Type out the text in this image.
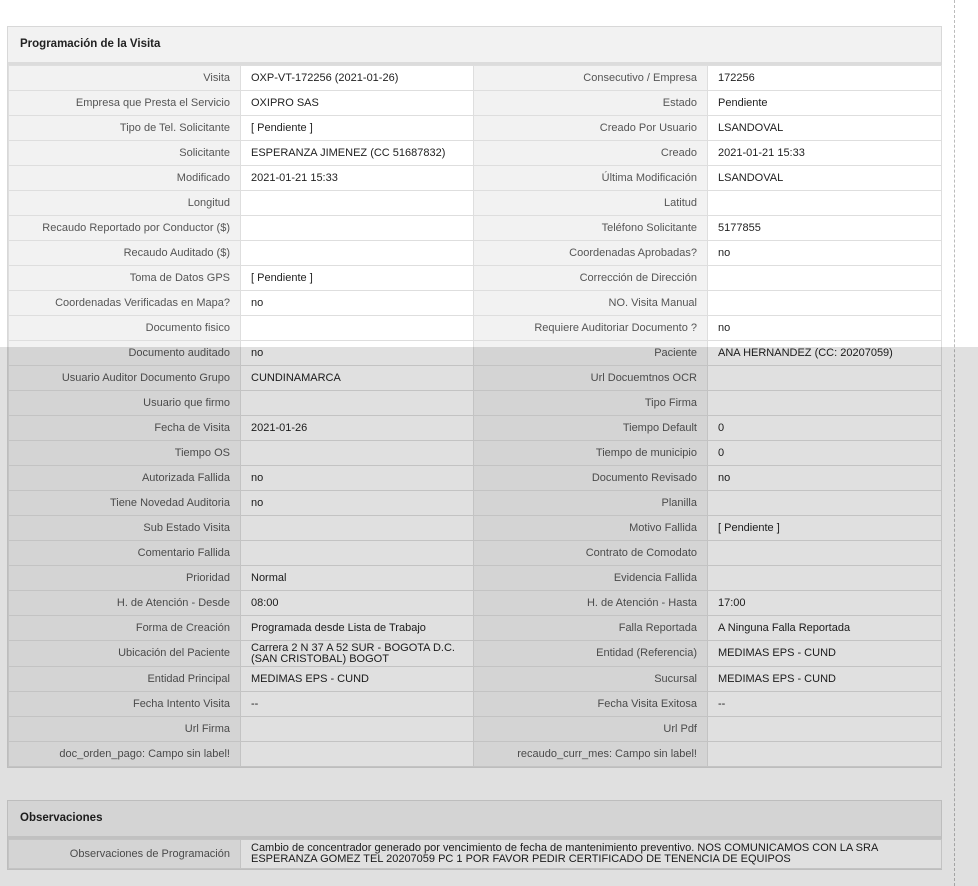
Programación de la Visita
Visita	OXP-VT-172256 (2021-01-26)	Consecutivo / Empresa	172256
Empresa que Presta el Servicio	OXIPRO SAS	Estado	Pendiente
Tipo de Tel. Solicitante	[ Pendiente ]	Creado Por Usuario	LSANDOVAL
Solicitante	ESPERANZA JIMENEZ (CC 51687832)	Creado	2021-01-21 15:33
Modificado	2021-01-21 15:33	Última Modificación	LSANDOVAL
Longitud		Latitud	
Recaudo Reportado por Conductor ($)		Teléfono Solicitante	5177855
Recaudo Auditado ($)		Coordenadas Aprobadas?	no
Toma de Datos GPS	[ Pendiente ]	Corrección de Dirección	
Coordenadas Verificadas en Mapa?	no	NO. Visita Manual	
Documento fisico		Requiere Auditoriar Documento ?	no
Documento auditado	no	Paciente	ANA HERNANDEZ (CC: 20207059)
Usuario Auditor Documento Grupo	CUNDINAMARCA	Url Docuemtnos OCR	
Usuario que firmo		Tipo Firma	
Fecha de Visita	2021-01-26	Tiempo Default	0
Tiempo OS		Tiempo de municipio	0
Autorizada Fallida	no	Documento Revisado	no
Tiene Novedad Auditoria	no	Planilla	
Sub Estado Visita		Motivo Fallida	[ Pendiente ]
Comentario Fallida		Contrato de Comodato	
Prioridad	Normal	Evidencia Fallida	
H. de Atención - Desde	08:00	H. de Atención - Hasta	17:00
Forma de Creación	Programada desde Lista de Trabajo	Falla Reportada	A Ninguna Falla Reportada
Ubicación del Paciente	Carrera 2 N 37 A 52 SUR - BOGOTA D.C. (SAN CRISTOBAL) BOGOT	Entidad (Referencia)	MEDIMAS EPS - CUND
Entidad Principal	MEDIMAS EPS - CUND	Sucursal	MEDIMAS EPS - CUND
Fecha Intento Visita	--	Fecha Visita Exitosa	--
Url Firma		Url Pdf	
doc_orden_pago: Campo sin label!		recaudo_curr_mes: Campo sin label!	
Observaciones
Observaciones de Programación	Cambio de concentrador generado por vencimiento de fecha de mantenimiento preventivo. NOS COMUNICAMOS CON LA SRA ESPERANZA GOMEZ TEL 20207059 PC 1 POR FAVOR PEDIR CERTIFICADO DE TENENCIA DE EQUIPOS
